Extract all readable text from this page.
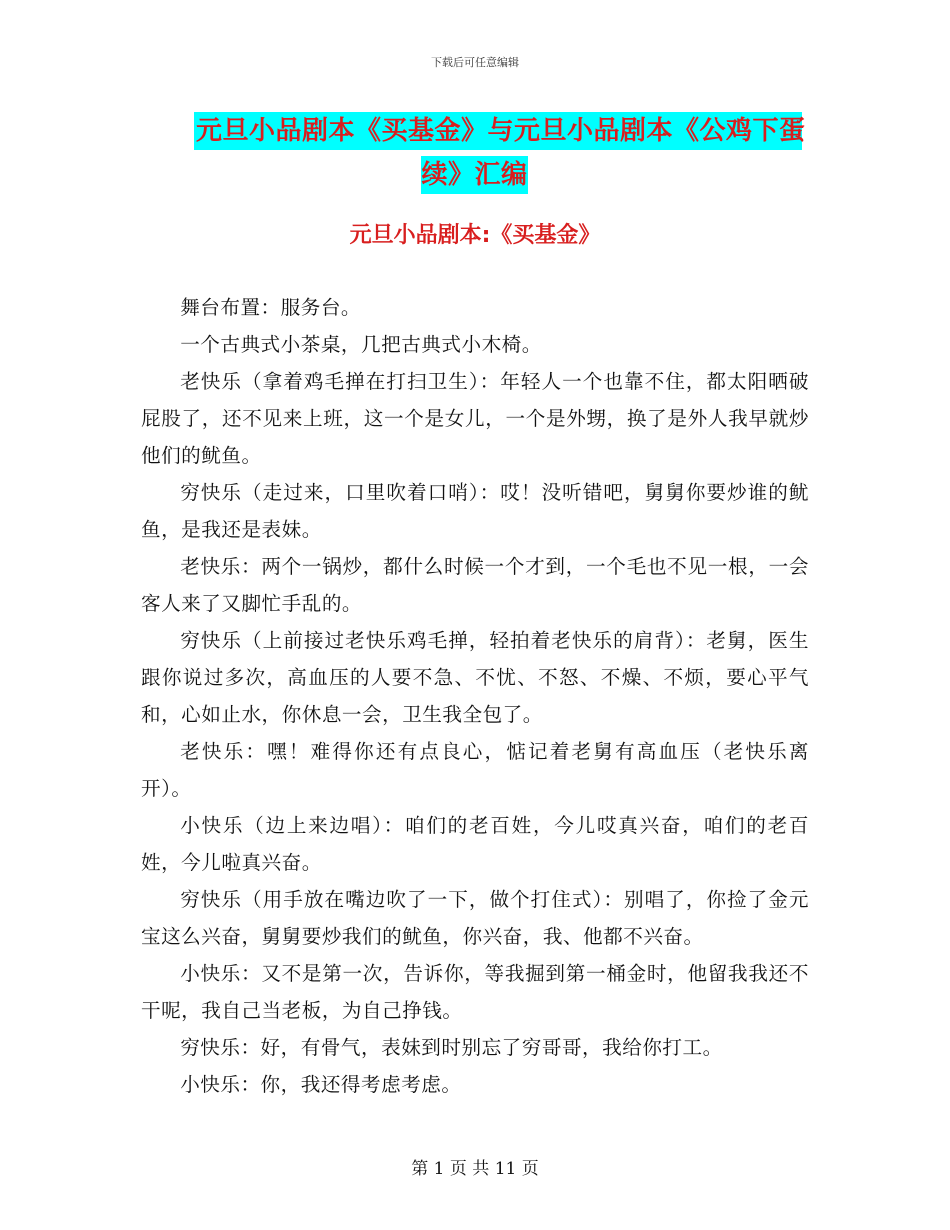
下载后可任意编辑
元旦小品剧本《买基金》与元旦小品剧本《公鸡下蛋
续》汇编
元旦小品剧本:《买基金》

舞台布置：服务台。

一个古典式小茶桌，几把古典式小木椅。

老快乐（拿着鸡毛掸在打扫卫生）：年轻人一个也靠不住，都太阳晒破屁股了，还不见来上班，这一个是女儿，一个是外甥，换了是外人我早就炒他们的鱿鱼。

穷快乐（走过来，口里吹着口哨）：哎！没听错吧，舅舅你要炒谁的鱿鱼，是我还是表妹。

老快乐：两个一锅炒，都什么时候一个才到，一个毛也不见一根，一会客人来了又脚忙手乱的。

穷快乐（上前接过老快乐鸡毛掸，轻拍着老快乐的肩背）：老舅，医生跟你说过多次，高血压的人要不急、不忧、不怒、不燥、不烦，要心平气和，心如止水，你休息一会，卫生我全包了。

老快乐：嘿！难得你还有点良心，惦记着老舅有高血压（老快乐离开）。

小快乐（边上来边唱）：咱们的老百姓，今儿哎真兴奋，咱们的老百姓，今儿啦真兴奋。

穷快乐（用手放在嘴边吹了一下，做个打住式）：别唱了，你捡了金元宝这么兴奋，舅舅要炒我们的鱿鱼，你兴奋，我、他都不兴奋。

小快乐：又不是第一次，告诉你，等我掘到第一桶金时，他留我我还不干呢，我自己当老板，为自己挣钱。

穷快乐：好，有骨气，表妹到时别忘了穷哥哥，我给你打工。

小快乐：你，我还得考虑考虑。

第 1 页 共 11 页
